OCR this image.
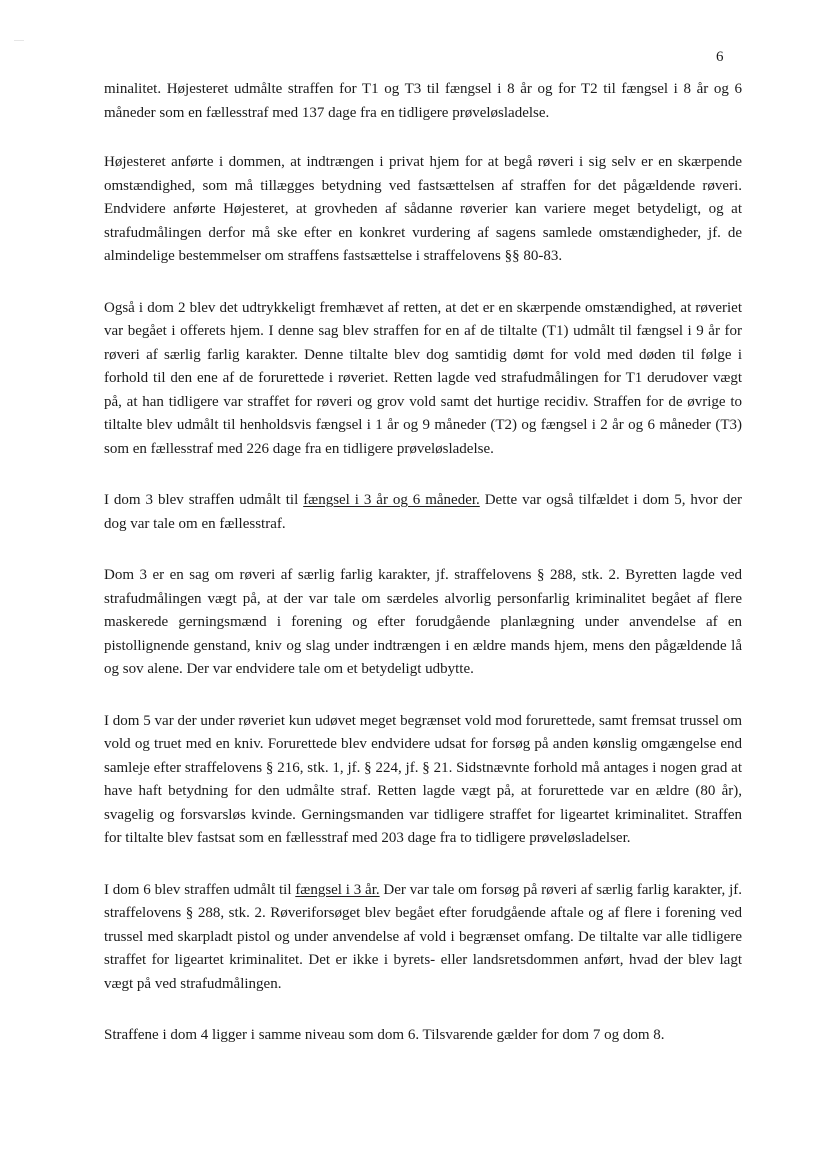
6

minalitet. Højesteret udmålte straffen for T1 og T3 til fængsel i 8 år og for T2 til fængsel i 8 år og 6 måneder som en fællesstraf med 137 dage fra en tidligere prøveløsladelse.

Højesteret anførte i dommen, at indtrængen i privat hjem for at begå røveri i sig selv er en skærpende omstændighed, som må tillægges betydning ved fastsættelsen af straffen for det pågældende røveri. Endvidere anførte Højesteret, at grovheden af sådanne røverier kan variere meget betydeligt, og at strafudmålingen derfor må ske efter en konkret vurdering af sagens samlede omstændigheder, jf. de almindelige bestemmelser om straffens fastsættelse i straffelovens §§ 80-83.

Også i dom 2 blev det udtrykkeligt fremhævet af retten, at det er en skærpende omstændighed, at røveriet var begået i offerets hjem. I denne sag blev straffen for en af de tiltalte (T1) udmålt til fængsel i 9 år for røveri af særlig farlig karakter. Denne tiltalte blev dog samtidig dømt for vold med døden til følge i forhold til den ene af de forurettede i røveriet. Retten lagde ved strafudmålingen for T1 derudover vægt på, at han tidligere var straffet for røveri og grov vold samt det hurtige recidiv. Straffen for de øvrige to tiltalte blev udmålt til henholdsvis fængsel i 1 år og 9 måneder (T2) og fængsel i 2 år og 6 måneder (T3) som en fællesstraf med 226 dage fra en tidligere prøveløsladelse.

I dom 3 blev straffen udmålt til fængsel i 3 år og 6 måneder. Dette var også tilfældet i dom 5, hvor der dog var tale om en fællesstraf.

Dom 3 er en sag om røveri af særlig farlig karakter, jf. straffelovens § 288, stk. 2. Byretten lagde ved strafudmålingen vægt på, at der var tale om særdeles alvorlig personfarlig kriminalitet begået af flere maskerede gerningsmænd i forening og efter forudgående planlægning under anvendelse af en pistollignende genstand, kniv og slag under indtrængen i en ældre mands hjem, mens den pågældende lå og sov alene. Der var endvidere tale om et betydeligt udbytte.

I dom 5 var der under røveriet kun udøvet meget begrænset vold mod forurettede, samt fremsat trussel om vold og truet med en kniv. Forurettede blev endvidere udsat for forsøg på anden kønslig omgængelse end samleje efter straffelovens § 216, stk. 1, jf. § 224, jf. § 21. Sidstnævnte forhold må antages i nogen grad at have haft betydning for den udmålte straf. Retten lagde vægt på, at forurettede var en ældre (80 år), svagelig og forsvarsløs kvinde. Gerningsmanden var tidligere straffet for ligeartet kriminalitet. Straffen for tiltalte blev fastsat som en fællesstraf med 203 dage fra to tidligere prøveløsladelser.

I dom 6 blev straffen udmålt til fængsel i 3 år. Der var tale om forsøg på røveri af særlig farlig karakter, jf. straffelovens § 288, stk. 2. Røveriforsøget blev begået efter forudgående aftale og af flere i forening ved trussel med skarpladt pistol og under anvendelse af vold i begrænset omfang. De tiltalte var alle tidligere straffet for ligeartet kriminalitet. Det er ikke i byrets- eller landsretsdommen anført, hvad der blev lagt vægt på ved strafudmålingen.

Straffene i dom 4 ligger i samme niveau som dom 6. Tilsvarende gælder for dom 7 og dom 8.
